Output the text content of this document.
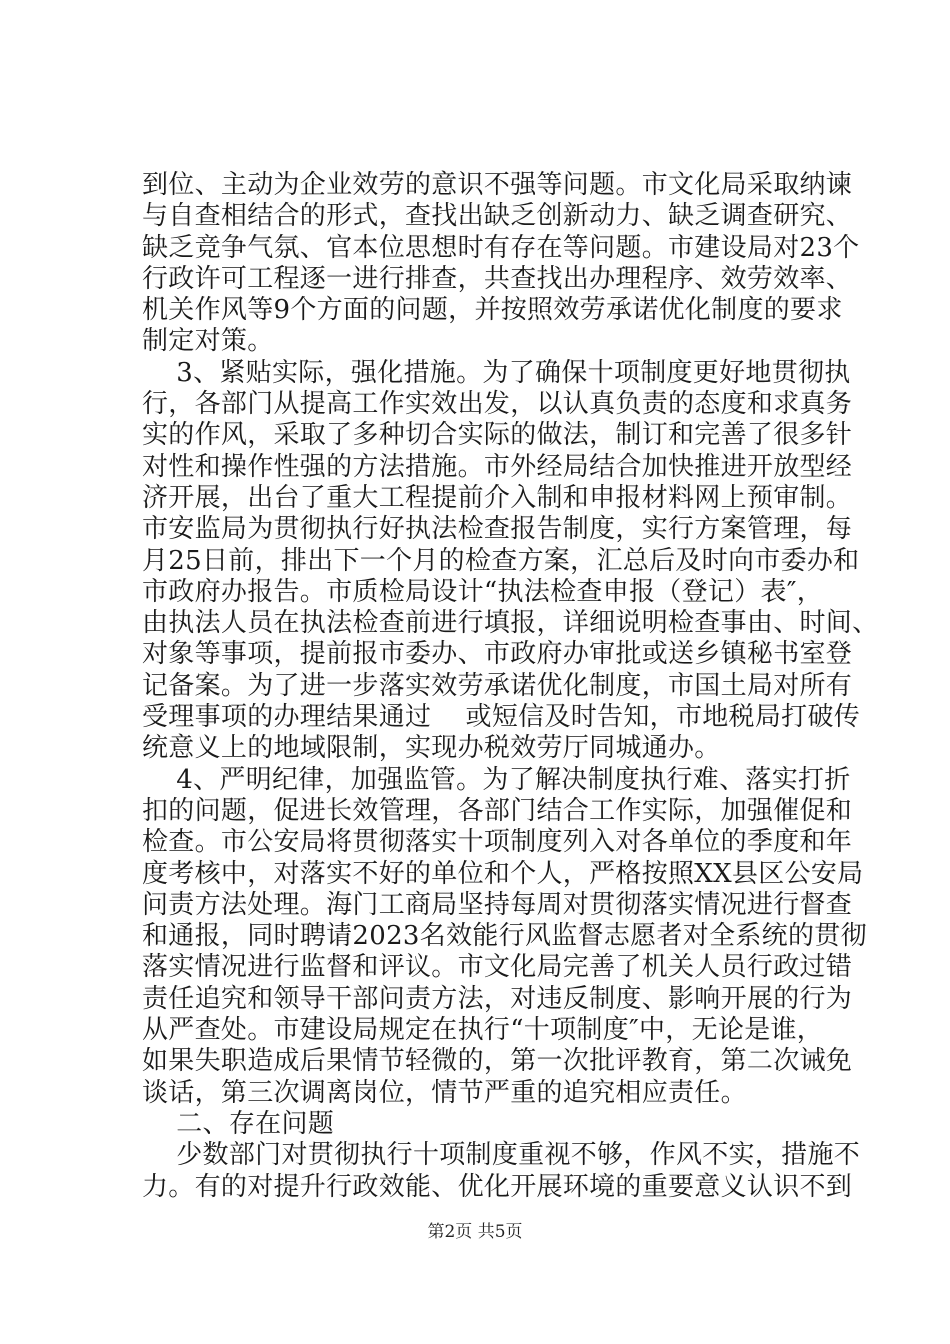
到位、主动为企业效劳的意识不强等问题。市文化局采取纳谏
与自查相结合的形式，查找出缺乏创新动力、缺乏调查研究、
缺乏竞争气氛、官本位思想时有存在等问题。市建设局对23个
行政许可工程逐一进行排查，共查找出办理程序、效劳效率、
机关作风等9个方面的问题，并按照效劳承诺优化制度的要求
制定对策。
3、紧贴实际，强化措施。为了确保十项制度更好地贯彻执
行，各部门从提高工作实效出发，以认真负责的态度和求真务
实的作风，采取了多种切合实际的做法，制订和完善了很多针
对性和操作性强的方法措施。市外经局结合加快推进开放型经
济开展，出台了重大工程提前介入制和申报材料网上预审制。
市安监局为贯彻执行好执法检查报告制度，实行方案管理，每
月25日前，排出下一个月的检查方案，汇总后及时向市委办和
市政府办报告。市质检局设计“执法检查申报（登记）表″，
由执法人员在执法检查前进行填报，详细说明检查事由、时间、
对象等事项，提前报市委办、市政府办审批或送乡镇秘书室登
记备案。为了进一步落实效劳承诺优化制度，市国土局对所有
受理事项的办理结果通过    或短信及时告知，市地税局打破传
统意义上的地域限制，实现办税效劳厅同城通办。
4、严明纪律，加强监管。为了解决制度执行难、落实打折
扣的问题，促进长效管理，各部门结合工作实际，加强催促和
检查。市公安局将贯彻落实十项制度列入对各单位的季度和年
度考核中，对落实不好的单位和个人，严格按照XX县区公安局
问责方法处理。海门工商局坚持每周对贯彻落实情况进行督查
和通报，同时聘请2023名效能行风监督志愿者对全系统的贯彻
落实情况进行监督和评议。市文化局完善了机关人员行政过错
责任追究和领导干部问责方法，对违反制度、影响开展的行为
从严查处。市建设局规定在执行“十项制度″中，无论是谁，
如果失职造成后果情节轻微的，第一次批评教育，第二次诫免
谈话，第三次调离岗位，情节严重的追究相应责任。
二、存在问题
少数部门对贯彻执行十项制度重视不够，作风不实，措施不
力。有的对提升行政效能、优化开展环境的重要意义认识不到
第2页 共5页
